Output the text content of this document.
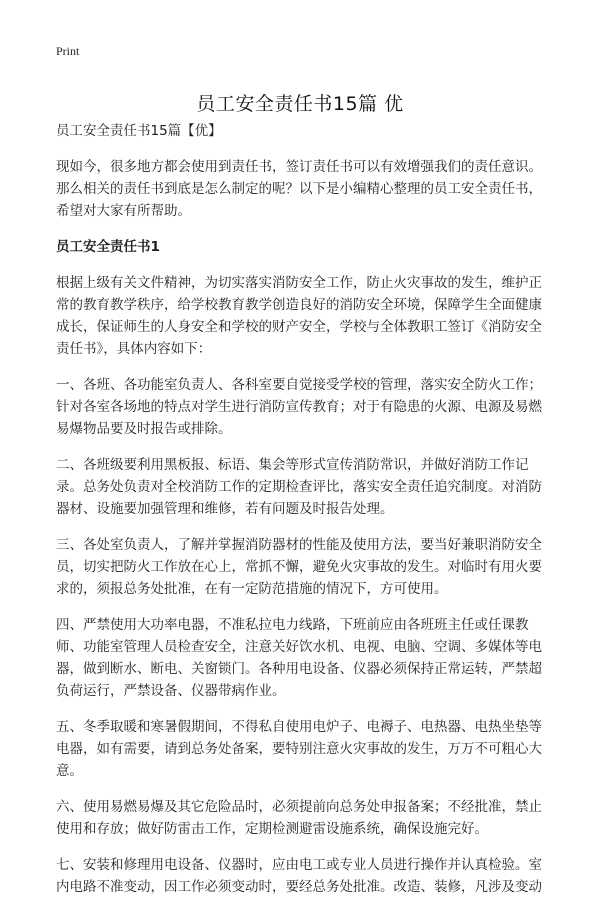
Print
员工安全责任书15篇 优

员工安全责任书15篇【优】

现如今，很多地方都会使用到责任书，签订责任书可以有效增强我们的责任意识。那么相关的责任书到底是怎么制定的呢？以下是小编精心整理的员工安全责任书，希望对大家有所帮助。

员工安全责任书1

根据上级有关文件精神，为切实落实消防安全工作，防止火灾事故的发生，维护正常的教育教学秩序，给学校教育教学创造良好的消防安全环境，保障学生全面健康成长，保证师生的人身安全和学校的财产安全，学校与全体教职工签订《消防安全责任书》，具体内容如下：

一、各班、各功能室负责人、各科室要自觉接受学校的管理，落实安全防火工作；针对各室各场地的特点对学生进行消防宣传教育；对于有隐患的火源、电源及易燃易爆物品要及时报告或排除。

二、各班级要利用黑板报、标语、集会等形式宣传消防常识，并做好消防工作记录。总务处负责对全校消防工作的定期检查评比，落实安全责任追究制度。对消防器材、设施要加强管理和维修，若有问题及时报告处理。

三、各处室负责人，了解并掌握消防器材的性能及使用方法，要当好兼职消防安全员，切实把防火工作放在心上，常抓不懈，避免火灾事故的发生。对临时有用火要求的，须报总务处批准，在有一定防范措施的情况下，方可使用。

四、严禁使用大功率电器，不准私拉电力线路，下班前应由各班班主任或任课教师、功能室管理人员检查安全，注意关好饮水机、电视、电脑、空调、多媒体等电器，做到断水、断电、关窗锁门。各种用电设备、仪器必须保持正常运转，严禁超负荷运行，严禁设备、仪器带病作业。

五、冬季取暖和寒暑假期间，不得私自使用电炉子、电褥子、电热器、电热坐垫等电器，如有需要，请到总务处备案，要特别注意火灾事故的发生，万万不可粗心大意。

六、使用易燃易爆及其它危险品时，必须提前向总务处申报备案；不经批准，禁止使用和存放；做好防雷击工作，定期检测避雷设施系统，确保设施完好。

七、安装和修理用电设备、仪器时，应由电工或专业人员进行操作并认真检验。室内电路不准变动，因工作必须变动时，要经总务处批准。改造、装修，凡涉及变动
